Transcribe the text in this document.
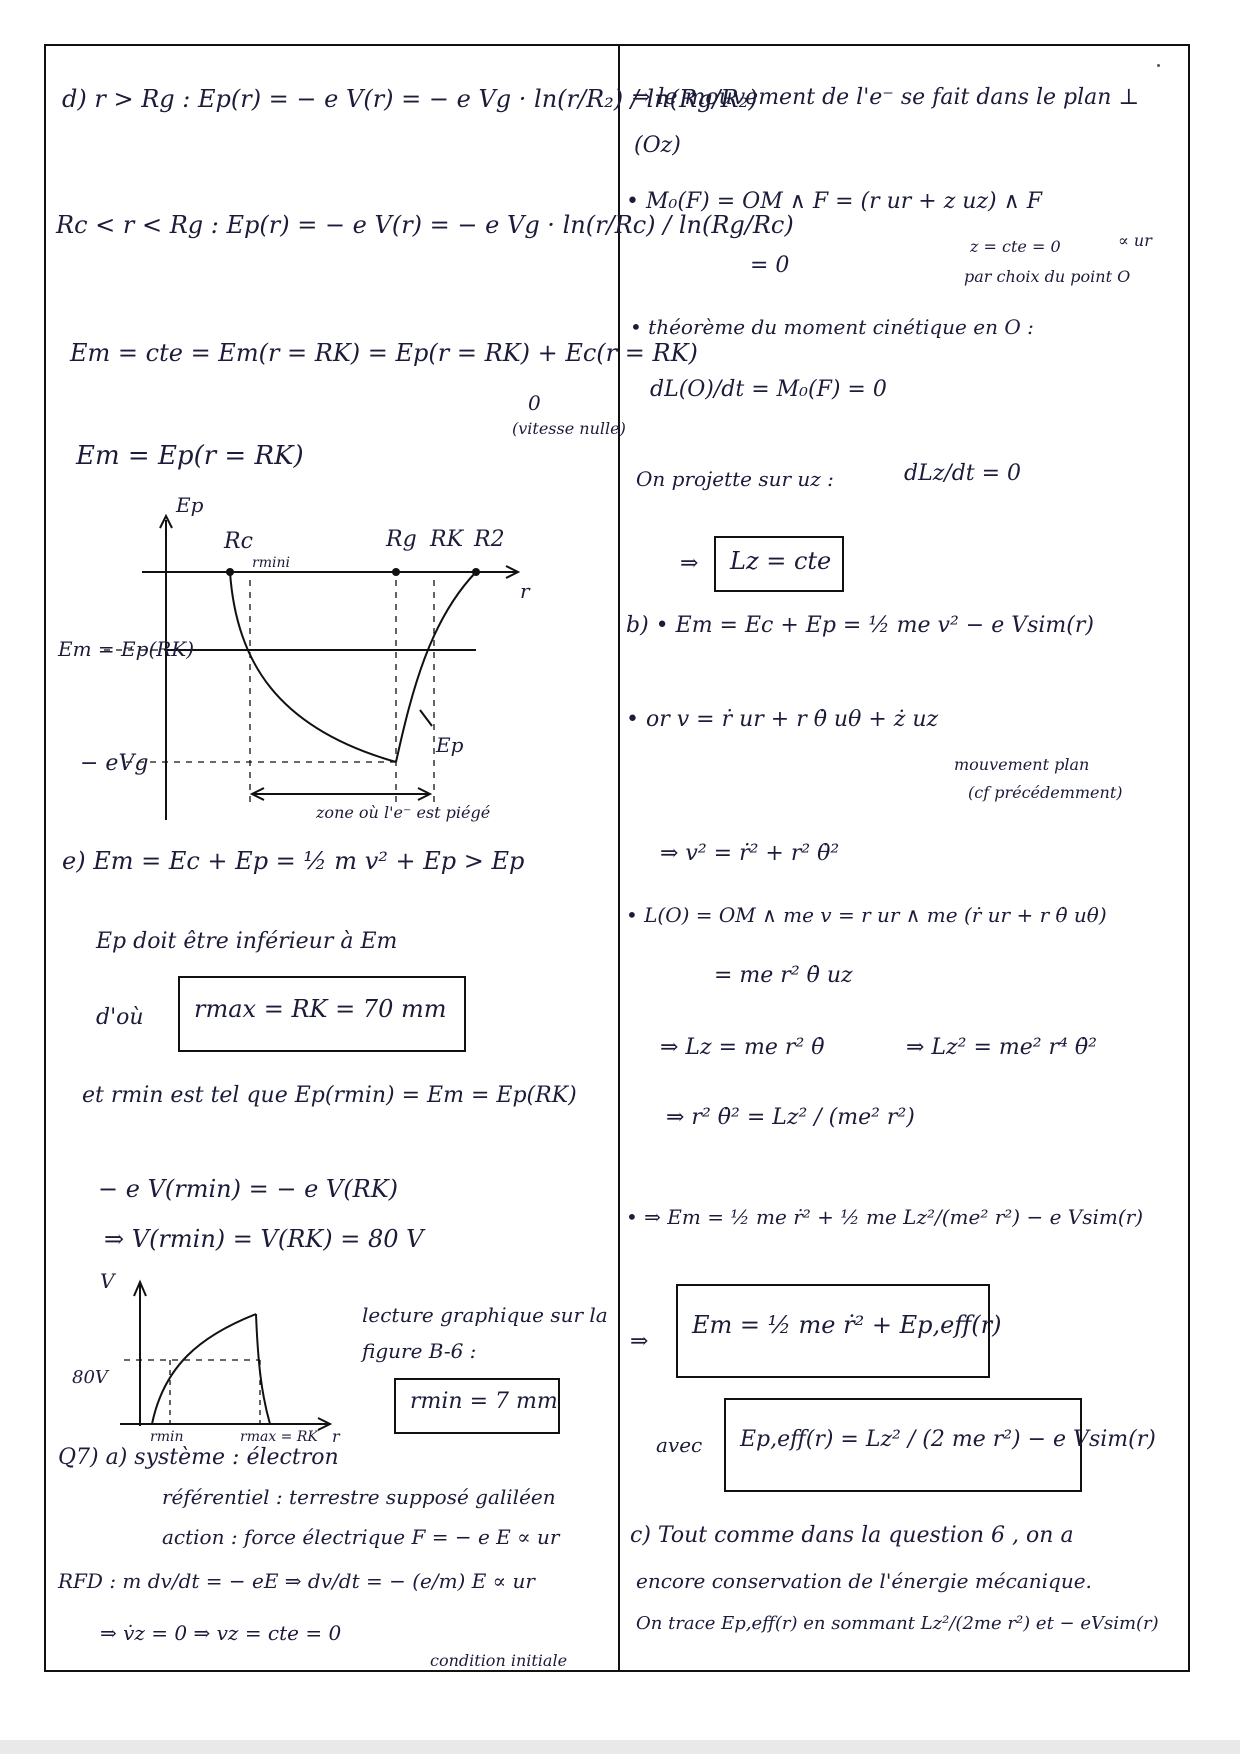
d) r > Rg : Ep(r) = − e V(r) = − e Vg · ln(r/R₂) / ln(Rg/R₂)
Rc < r < Rg : Ep(r) = − e V(r) = − e Vg · ln(r/Rc) / ln(Rg/Rc)
Em = cte = Em(r = RK) = Ep(r = RK) + Ec(r = RK)
0
(vitesse nulle)
Em = Ep(r = RK)
Ep
r
Rc
rmini
Rg RK R2
Em = Ep(RK)
− eVg
Ep
zone où l'e⁻ est piégé
e) Em = Ec + Ep = ½ m v² + Ep > Ep
Ep doit être inférieur à Em
d'où	rmax = RK = 70 mm
et rmin est tel que Ep(rmin) = Em = Ep(RK)
− e V(rmin) = − e V(RK)
⇒ V(rmin) = V(RK) = 80 V
V
80V
rmin	rmax = RK r
lecture graphique sur la
figure B-6 :
rmin = 7 mm
Q7) a) système : électron
référentiel : terrestre supposé galiléen
action : force électrique F = − e E ∝ ur
RFD : m dv/dt = − eE ⇒ dv/dt = − (e/m) E ∝ ur
⇒ v̇z = 0 ⇒ vz = cte = 0
condition initiale
⇒ le mouvement de l'e⁻ se fait dans le plan ⊥
(Oz)
• M₀(F) = OM ∧ F = (r ur + z uz) ∧ F
= 0
z = cte = 0
par choix du point O
∝ ur
• théorème du moment cinétique en O :
dL(O)/dt = M₀(F) = 0
On projette sur uz :	dLz/dt = 0
⇒	Lz = cte
b) • Em = Ec + Ep = ½ me v² − e Vsim(r)
• or v = ṙ ur + r θ̇ uθ + ż uz
mouvement plan
(cf précédemment)
⇒ v² = ṙ² + r² θ̇²
• L(O) = OM ∧ me v = r ur ∧ me (ṙ ur + r θ̇ uθ)
= me r² θ̇ uz
⇒ Lz = me r² θ̇	⇒ Lz² = me² r⁴ θ̇²
⇒ r² θ̇² = Lz² / (me² r²)
• ⇒ Em = ½ me ṙ² + ½ me Lz²/(me² r²) − e Vsim(r)
⇒
Em = ½ me ṙ² + Ep,eff(r)
avec	Ep,eff(r) = Lz² / (2 me r²) − e Vsim(r)
c) Tout comme dans la question 6 , on a
encore conservation de l'énergie mécanique.
On trace Ep,eff(r) en sommant Lz²/(2me r²) et − eVsim(r)
